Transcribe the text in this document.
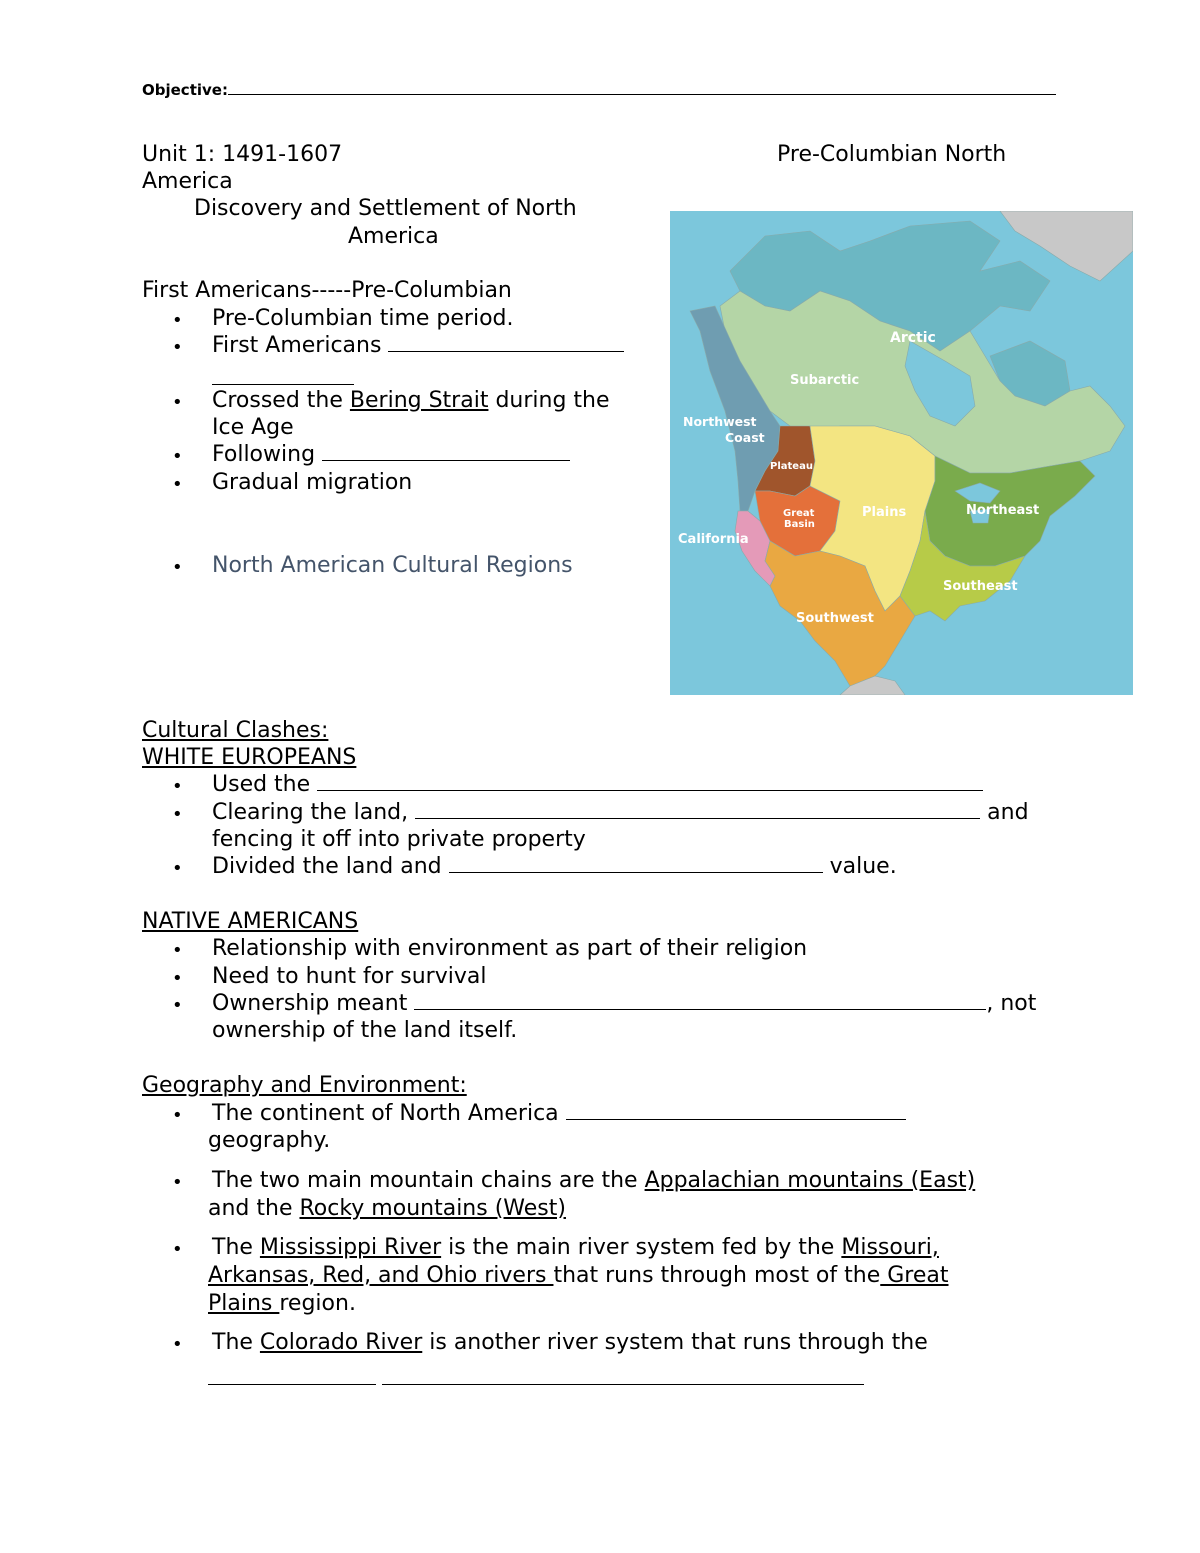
Objective:
Unit 1: 1491-1607	Pre-Columbian North
America
Discovery and Settlement of North
America
First Americans-----Pre-Columbian
• Pre-Columbian time period.
• First Americans
• Crossed the Bering Strait during the
Ice Age
• Following
• Gradual migration
• North American Cultural Regions
Arctic
Subarctic
Northwest
Coast
Plateau
Great
Basin
Plains	Northeast
California
Southeast
Southwest
Cultural Clashes:
WHITE EUROPEANS
• Used the
• Clearing the land,	and
fencing it off into private property
• Divided the land and	value.
NATIVE AMERICANS
• Relationship with environment as part of their religion
• Need to hunt for survival
• Ownership meant	, not
ownership of the land itself.
Geography and Environment:
• The continent of North America
geography.
• The two main mountain chains are the Appalachian mountains (East)
and the Rocky mountains (West)
• The Mississippi River is the main river system fed by the Missouri,
Arkansas, Red, and Ohio rivers that runs through most of the Great
Plains region.
• The Colorado River is another river system that runs through the
